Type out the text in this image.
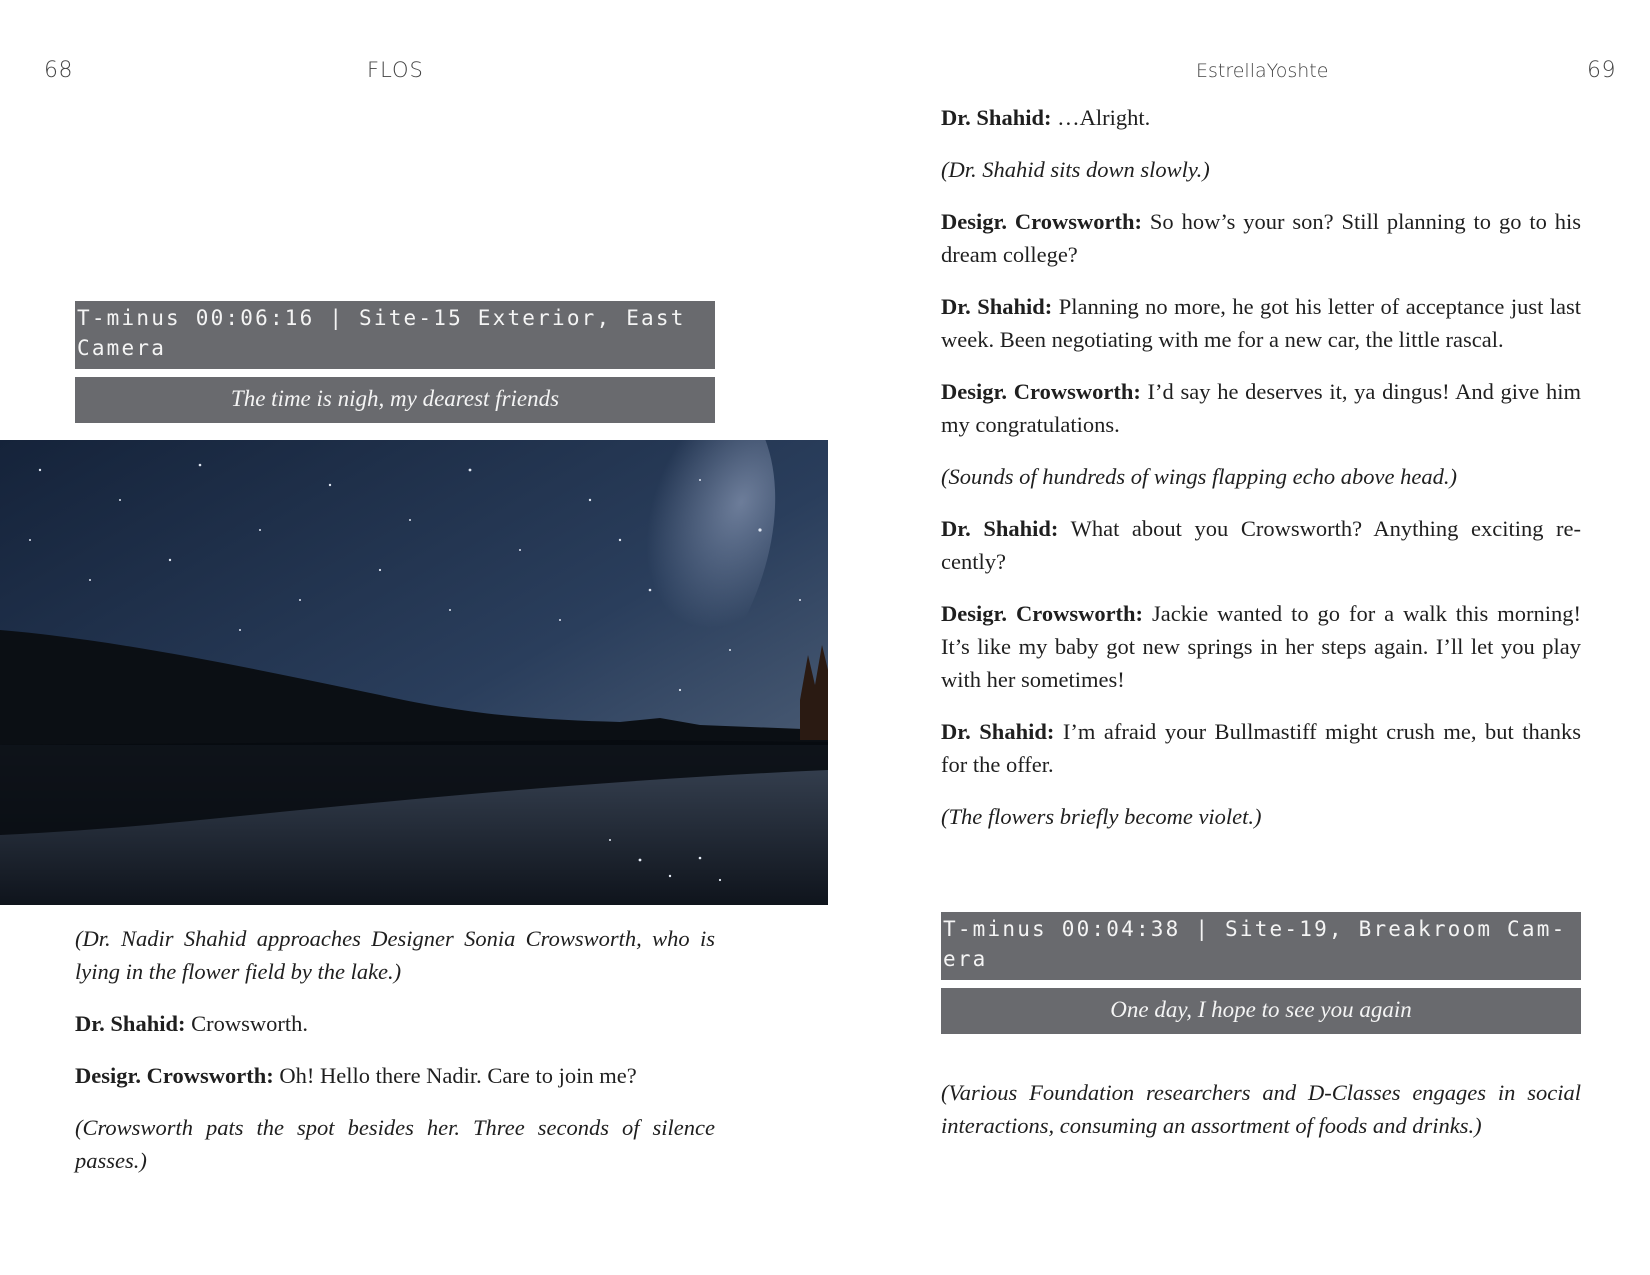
68	FLOS
T-minus 00:06:16 | Site-15 Exterior, East Camera
The time is nigh, my dearest friends

(Dr. Nadir Shahid approaches Designer Sonia Crowsworth, who is lying in the flower field by the lake.)

Dr. Shahid: Crowsworth.

Desigr. Crowsworth: Oh! Hello there Nadir. Care to join me?

(Crowsworth pats the spot besides her. Three seconds of silence passes.)

EstrellaYoshte	69

Dr. Shahid: …Alright.

(Dr. Shahid sits down slowly.)

Desigr. Crowsworth: So how’s your son? Still planning to go to his dream college?

Dr. Shahid: Planning no more, he got his letter of acceptance just last week. Been negotiating with me for a new car, the little rascal.

Desigr. Crowsworth: I’d say he deserves it, ya dingus! And give him my congratulations.

(Sounds of hundreds of wings flapping echo above head.)

Dr. Shahid: What about you Crowsworth? Anything exciting re-cently?

Desigr. Crowsworth: Jackie wanted to go for a walk this morning! It’s like my baby got new springs in her steps again. I’ll let you play with her sometimes!

Dr. Shahid: I’m afraid your Bullmastiff might crush me, but thanks for the offer.

(The flowers briefly become violet.)

T-minus 00:04:38 | Site-19, Breakroom Cam-era
One day, I hope to see you again

(Various Foundation researchers and D-Classes engages in social interactions, consuming an assortment of foods and drinks.)
